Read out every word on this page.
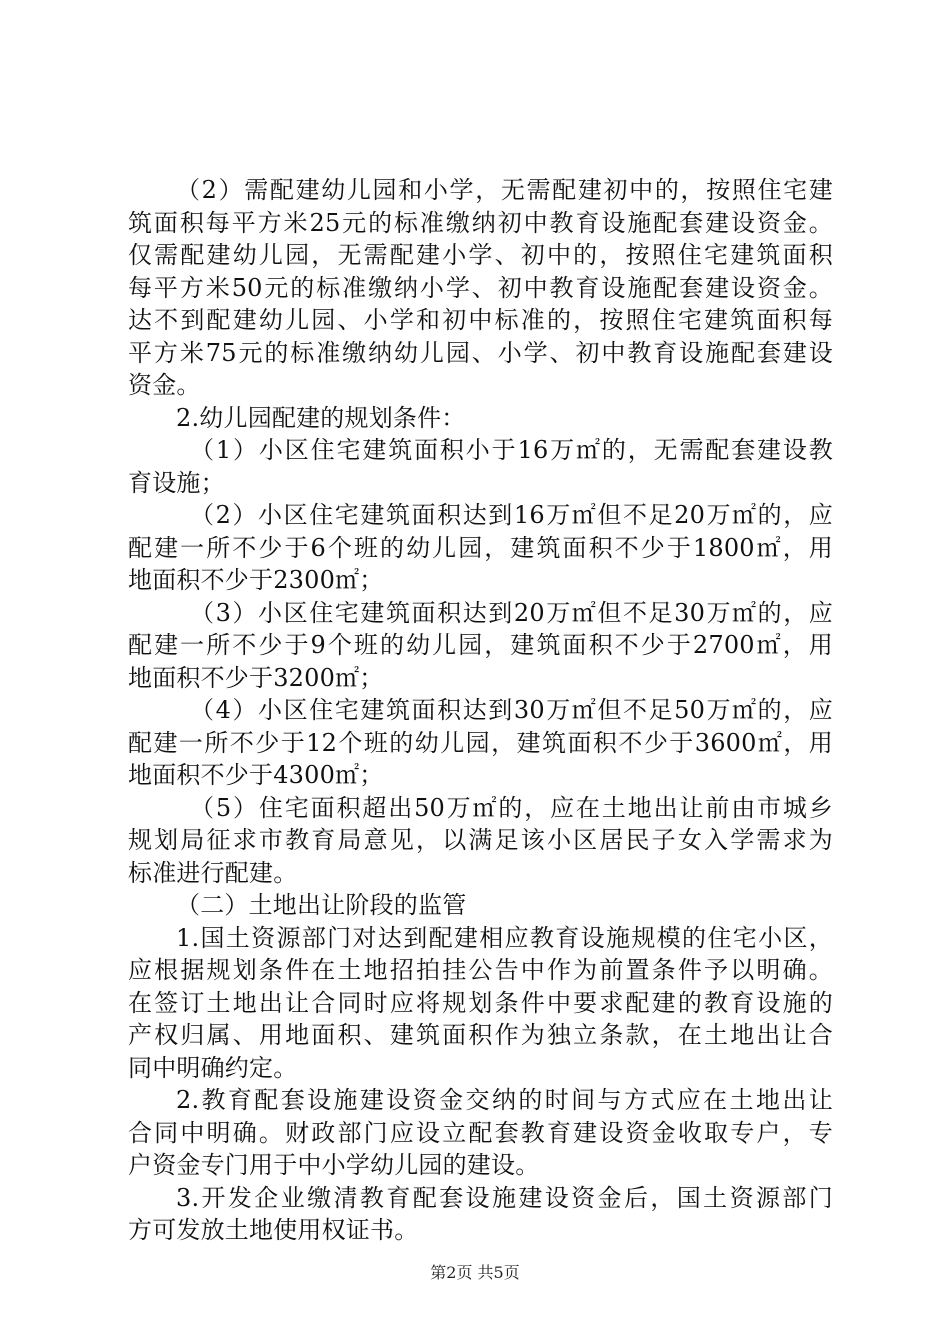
（2）需配建幼儿园和小学，无需配建初中的，按照住宅建
筑面积每平方米25元的标准缴纳初中教育设施配套建设资金。
仅需配建幼儿园，无需配建小学、初中的，按照住宅建筑面积
每平方米50元的标准缴纳小学、初中教育设施配套建设资金。
达不到配建幼儿园、小学和初中标准的，按照住宅建筑面积每
平方米75元的标准缴纳幼儿园、小学、初中教育设施配套建设
资金。
2.幼儿园配建的规划条件：
（1）小区住宅建筑面积小于16万㎡的，无需配套建设教
育设施；
（2）小区住宅建筑面积达到16万㎡但不足20万㎡的，应
配建一所不少于6个班的幼儿园，建筑面积不少于1800㎡，用
地面积不少于2300㎡；
（3）小区住宅建筑面积达到20万㎡但不足30万㎡的，应
配建一所不少于9个班的幼儿园，建筑面积不少于2700㎡，用
地面积不少于3200㎡；
（4）小区住宅建筑面积达到30万㎡但不足50万㎡的，应
配建一所不少于12个班的幼儿园，建筑面积不少于3600㎡，用
地面积不少于4300㎡；
（5）住宅面积超出50万㎡的，应在土地出让前由市城乡
规划局征求市教育局意见，以满足该小区居民子女入学需求为
标准进行配建。
（二）土地出让阶段的监管
1.国土资源部门对达到配建相应教育设施规模的住宅小区，
应根据规划条件在土地招拍挂公告中作为前置条件予以明确。
在签订土地出让合同时应将规划条件中要求配建的教育设施的
产权归属、用地面积、建筑面积作为独立条款，在土地出让合
同中明确约定。
2.教育配套设施建设资金交纳的时间与方式应在土地出让
合同中明确。财政部门应设立配套教育建设资金收取专户，专
户资金专门用于中小学幼儿园的建设。
3.开发企业缴清教育配套设施建设资金后，国土资源部门
方可发放土地使用权证书。
第2页 共5页
